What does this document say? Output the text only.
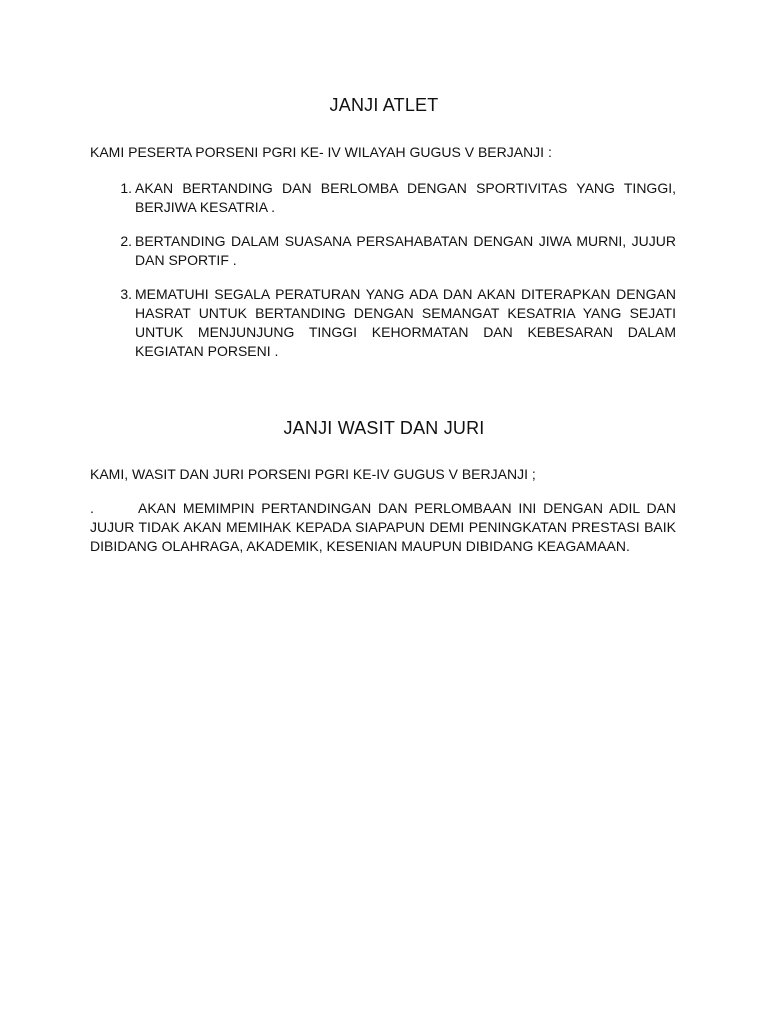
JANJI ATLET

KAMI PESERTA PORSENI PGRI KE- IV WILAYAH GUGUS V BERJANJI :

1. AKAN BERTANDING DAN BERLOMBA DENGAN SPORTIVITAS YANG TINGGI, BERJIWA KESATRIA .
2. BERTANDING DALAM SUASANA PERSAHABATAN DENGAN JIWA MURNI, JUJUR DAN SPORTIF .
3. MEMATUHI SEGALA PERATURAN YANG ADA DAN AKAN DITERAPKAN DENGAN HASRAT UNTUK BERTANDING DENGAN SEMANGAT KESATRIA YANG SEJATI UNTUK MENJUNJUNG TINGGI KEHORMATAN DAN KEBESARAN DALAM KEGIATAN PORSENI .
JANJI WASIT DAN JURI

KAMI, WASIT DAN JURI PORSENI PGRI KE-IV GUGUS V BERJANJI ;

.	AKAN MEMIMPIN PERTANDINGAN DAN PERLOMBAAN INI DENGAN ADIL DAN JUJUR TIDAK AKAN MEMIHAK KEPADA SIAPAPUN DEMI PENINGKATAN PRESTASI BAIK DIBIDANG OLAHRAGA, AKADEMIK, KESENIAN MAUPUN DIBIDANG KEAGAMAAN.
